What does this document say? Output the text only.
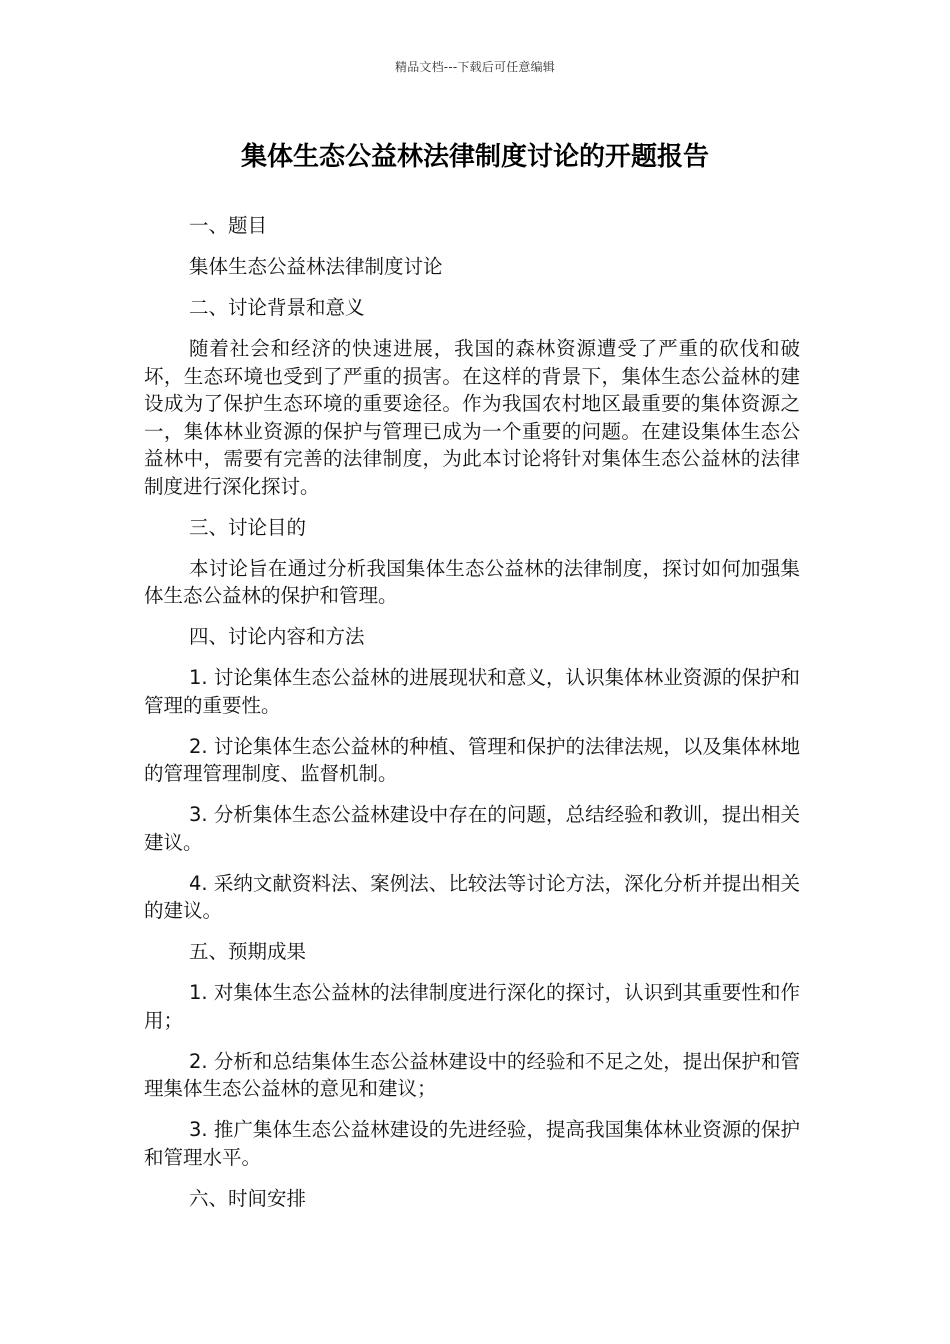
精品文档---下载后可任意编辑
集体生态公益林法律制度讨论的开题报告
一、题目
集体生态公益林法律制度讨论
二、讨论背景和意义
随着社会和经济的快速进展，我国的森林资源遭受了严重的砍伐和破坏，生态环境也受到了严重的损害。在这样的背景下，集体生态公益林的建设成为了保护生态环境的重要途径。作为我国农村地区最重要的集体资源之一，集体林业资源的保护与管理已成为一个重要的问题。在建设集体生态公益林中，需要有完善的法律制度，为此本讨论将针对集体生态公益林的法律制度进行深化探讨。
三、讨论目的
本讨论旨在通过分析我国集体生态公益林的法律制度，探讨如何加强集体生态公益林的保护和管理。
四、讨论内容和方法
1. 讨论集体生态公益林的进展现状和意义，认识集体林业资源的保护和管理的重要性。
2. 讨论集体生态公益林的种植、管理和保护的法律法规，以及集体林地的管理管理制度、监督机制。
3. 分析集体生态公益林建设中存在的问题，总结经验和教训，提出相关建议。
4. 采纳文献资料法、案例法、比较法等讨论方法，深化分析并提出相关的建议。
五、预期成果
1. 对集体生态公益林的法律制度进行深化的探讨，认识到其重要性和作用；
2. 分析和总结集体生态公益林建设中的经验和不足之处，提出保护和管理集体生态公益林的意见和建议；
3. 推广集体生态公益林建设的先进经验，提高我国集体林业资源的保护和管理水平。
六、时间安排
